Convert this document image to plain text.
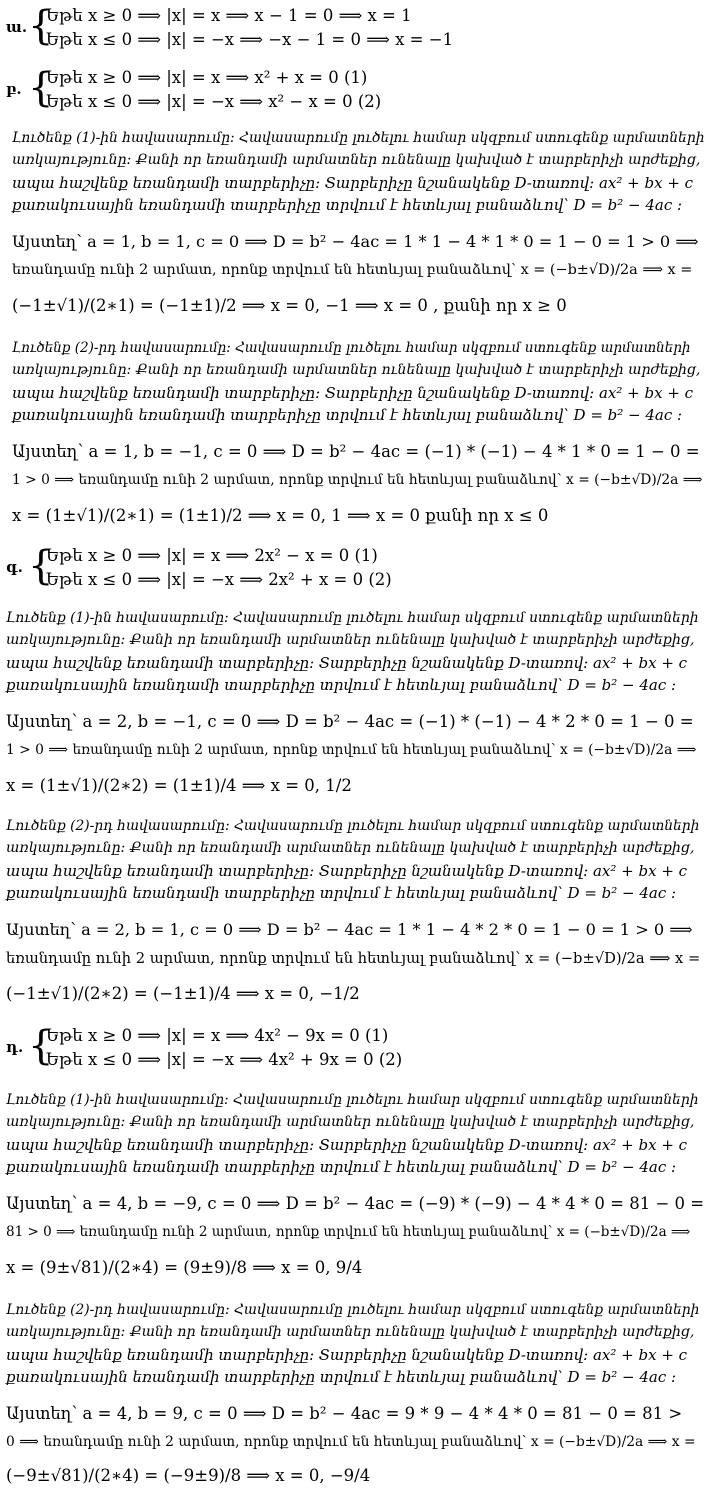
ա. {
Եթե x ≥ 0 ⟹ |x| = x ⟹ x − 1 = 0 ⟹ x = 1
Եթե x ≤ 0 ⟹ |x| = −x ⟹ −x − 1 = 0 ⟹ x = −1
բ. {
Եթե x ≥ 0 ⟹ |x| = x ⟹ x² + x = 0 (1)
Եթե x ≤ 0 ⟹ |x| = −x ⟹ x² − x = 0 (2)
գ. {
Եթե x ≥ 0 ⟹ |x| = x ⟹ 2x² − x = 0 (1)
Եթե x ≤ 0 ⟹ |x| = −x ⟹ 2x² + x = 0 (2)
դ. {
Եթե x ≥ 0 ⟹ |x| = x ⟹ 4x² − 9x = 0 (1)
Եթե x ≤ 0 ⟹ |x| = −x ⟹ 4x² + 9x = 0 (2)
Լուծենք (1)-ին հավասարումը: Հավասարումը լուծելու համար սկզբում ստուգենք արմատների
առկայությունը: Քանի որ եռանդամի արմատներ ունենալը կախված է տարբերիչի արժեքից,
ապա հաշվենք եռանդամի տարբերիչը: Տարբերիչը նշանակենք D-տառով: ax² + bx + c
քառակուսային եռանդամի տարբերիչը տրվում է հետևյալ բանաձևով՝ D = b² − 4ac :
Այստեղ՝ a = 1, b = 1, c = 0 ⟹ D = b² − 4ac = 1 * 1 − 4 * 1 * 0 = 1 − 0 = 1 > 0 ⟹
եռանդամը ունի 2 արմատ, որոնք տրվում են հետևյալ բանաձևով՝ x = (−b±√D)/2a ⟹ x =
(−1±√1)/(2∗1) = (−1±1)/2 ⟹ x = 0, −1 ⟹ x = 0 , քանի որ x ≥ 0
Լուծենք (2)-րդ հավասարումը: Հավասարումը լուծելու համար սկզբում ստուգենք արմատների
առկայությունը: Քանի որ եռանդամի արմատներ ունենալը կախված է տարբերիչի արժեքից,
ապա հաշվենք եռանդամի տարբերիչը: Տարբերիչը նշանակենք D-տառով: ax² + bx + c
քառակուսային եռանդամի տարբերիչը տրվում է հետևյալ բանաձևով՝ D = b² − 4ac :
Այստեղ՝ a = 1, b = −1, c = 0 ⟹ D = b² − 4ac = (−1) * (−1) − 4 * 1 * 0 = 1 − 0 =
1 > 0 ⟹ եռանդամը ունի 2 արմատ, որոնք տրվում են հետևյալ բանաձևով՝ x = (−b±√D)/2a ⟹
x = (1±√1)/(2∗1) = (1±1)/2 ⟹ x = 0, 1 ⟹ x = 0 քանի որ x ≤ 0
Լուծենք (1)-ին հավասարումը: Հավասարումը լուծելու համար սկզբում ստուգենք արմատների
առկայությունը: Քանի որ եռանդամի արմատներ ունենալը կախված է տարբերիչի արժեքից,
ապա հաշվենք եռանդամի տարբերիչը: Տարբերիչը նշանակենք D-տառով: ax² + bx + c
քառակուսային եռանդամի տարբերիչը տրվում է հետևյալ բանաձևով՝ D = b² − 4ac :
Այստեղ՝ a = 2, b = −1, c = 0 ⟹ D = b² − 4ac = (−1) * (−1) − 4 * 2 * 0 = 1 − 0 =
1 > 0 ⟹ եռանդամը ունի 2 արմատ, որոնք տրվում են հետևյալ բանաձևով՝ x = (−b±√D)/2a ⟹
x = (1±√1)/(2∗2) = (1±1)/4 ⟹ x = 0, 1/2
Լուծենք (2)-րդ հավասարումը: Հավասարումը լուծելու համար սկզբում ստուգենք արմատների
առկայությունը: Քանի որ եռանդամի արմատներ ունենալը կախված է տարբերիչի արժեքից,
ապա հաշվենք եռանդամի տարբերիչը: Տարբերիչը նշանակենք D-տառով: ax² + bx + c
քառակուսային եռանդամի տարբերիչը տրվում է հետևյալ բանաձևով՝ D = b² − 4ac :
Այստեղ՝ a = 2, b = 1, c = 0 ⟹ D = b² − 4ac = 1 * 1 − 4 * 2 * 0 = 1 − 0 = 1 > 0 ⟹
եռանդամը ունի 2 արմատ, որոնք տրվում են հետևյալ բանաձևով՝ x = (−b±√D)/2a ⟹ x =
(−1±√1)/(2∗2) = (−1±1)/4 ⟹ x = 0, −1/2
Լուծենք (1)-ին հավասարումը: Հավասարումը լուծելու համար սկզբում ստուգենք արմատների
առկայությունը: Քանի որ եռանդամի արմատներ ունենալը կախված է տարբերիչի արժեքից,
ապա հաշվենք եռանդամի տարբերիչը: Տարբերիչը նշանակենք D-տառով: ax² + bx + c
քառակուսային եռանդամի տարբերիչը տրվում է հետևյալ բանաձևով՝ D = b² − 4ac :
Այստեղ՝ a = 4, b = −9, c = 0 ⟹ D = b² − 4ac = (−9) * (−9) − 4 * 4 * 0 = 81 − 0 =
81 > 0 ⟹ եռանդամը ունի 2 արմատ, որոնք տրվում են հետևյալ բանաձևով՝ x = (−b±√D)/2a ⟹
x = (9±√81)/(2∗4) = (9±9)/8 ⟹ x = 0, 9/4
Լուծենք (2)-րդ հավասարումը: Հավասարումը լուծելու համար սկզբում ստուգենք արմատների
առկայությունը: Քանի որ եռանդամի արմատներ ունենալը կախված է տարբերիչի արժեքից,
ապա հաշվենք եռանդամի տարբերիչը: Տարբերիչը նշանակենք D-տառով: ax² + bx + c
քառակուսային եռանդամի տարբերիչը տրվում է հետևյալ բանաձևով՝ D = b² − 4ac :
Այստեղ՝ a = 4, b = 9, c = 0 ⟹ D = b² − 4ac = 9 * 9 − 4 * 4 * 0 = 81 − 0 = 81 >
0 ⟹ եռանդամը ունի 2 արմատ, որոնք տրվում են հետևյալ բանաձևով՝ x = (−b±√D)/2a ⟹ x =
(−9±√81)/(2∗4) = (−9±9)/8 ⟹ x = 0, −9/4
